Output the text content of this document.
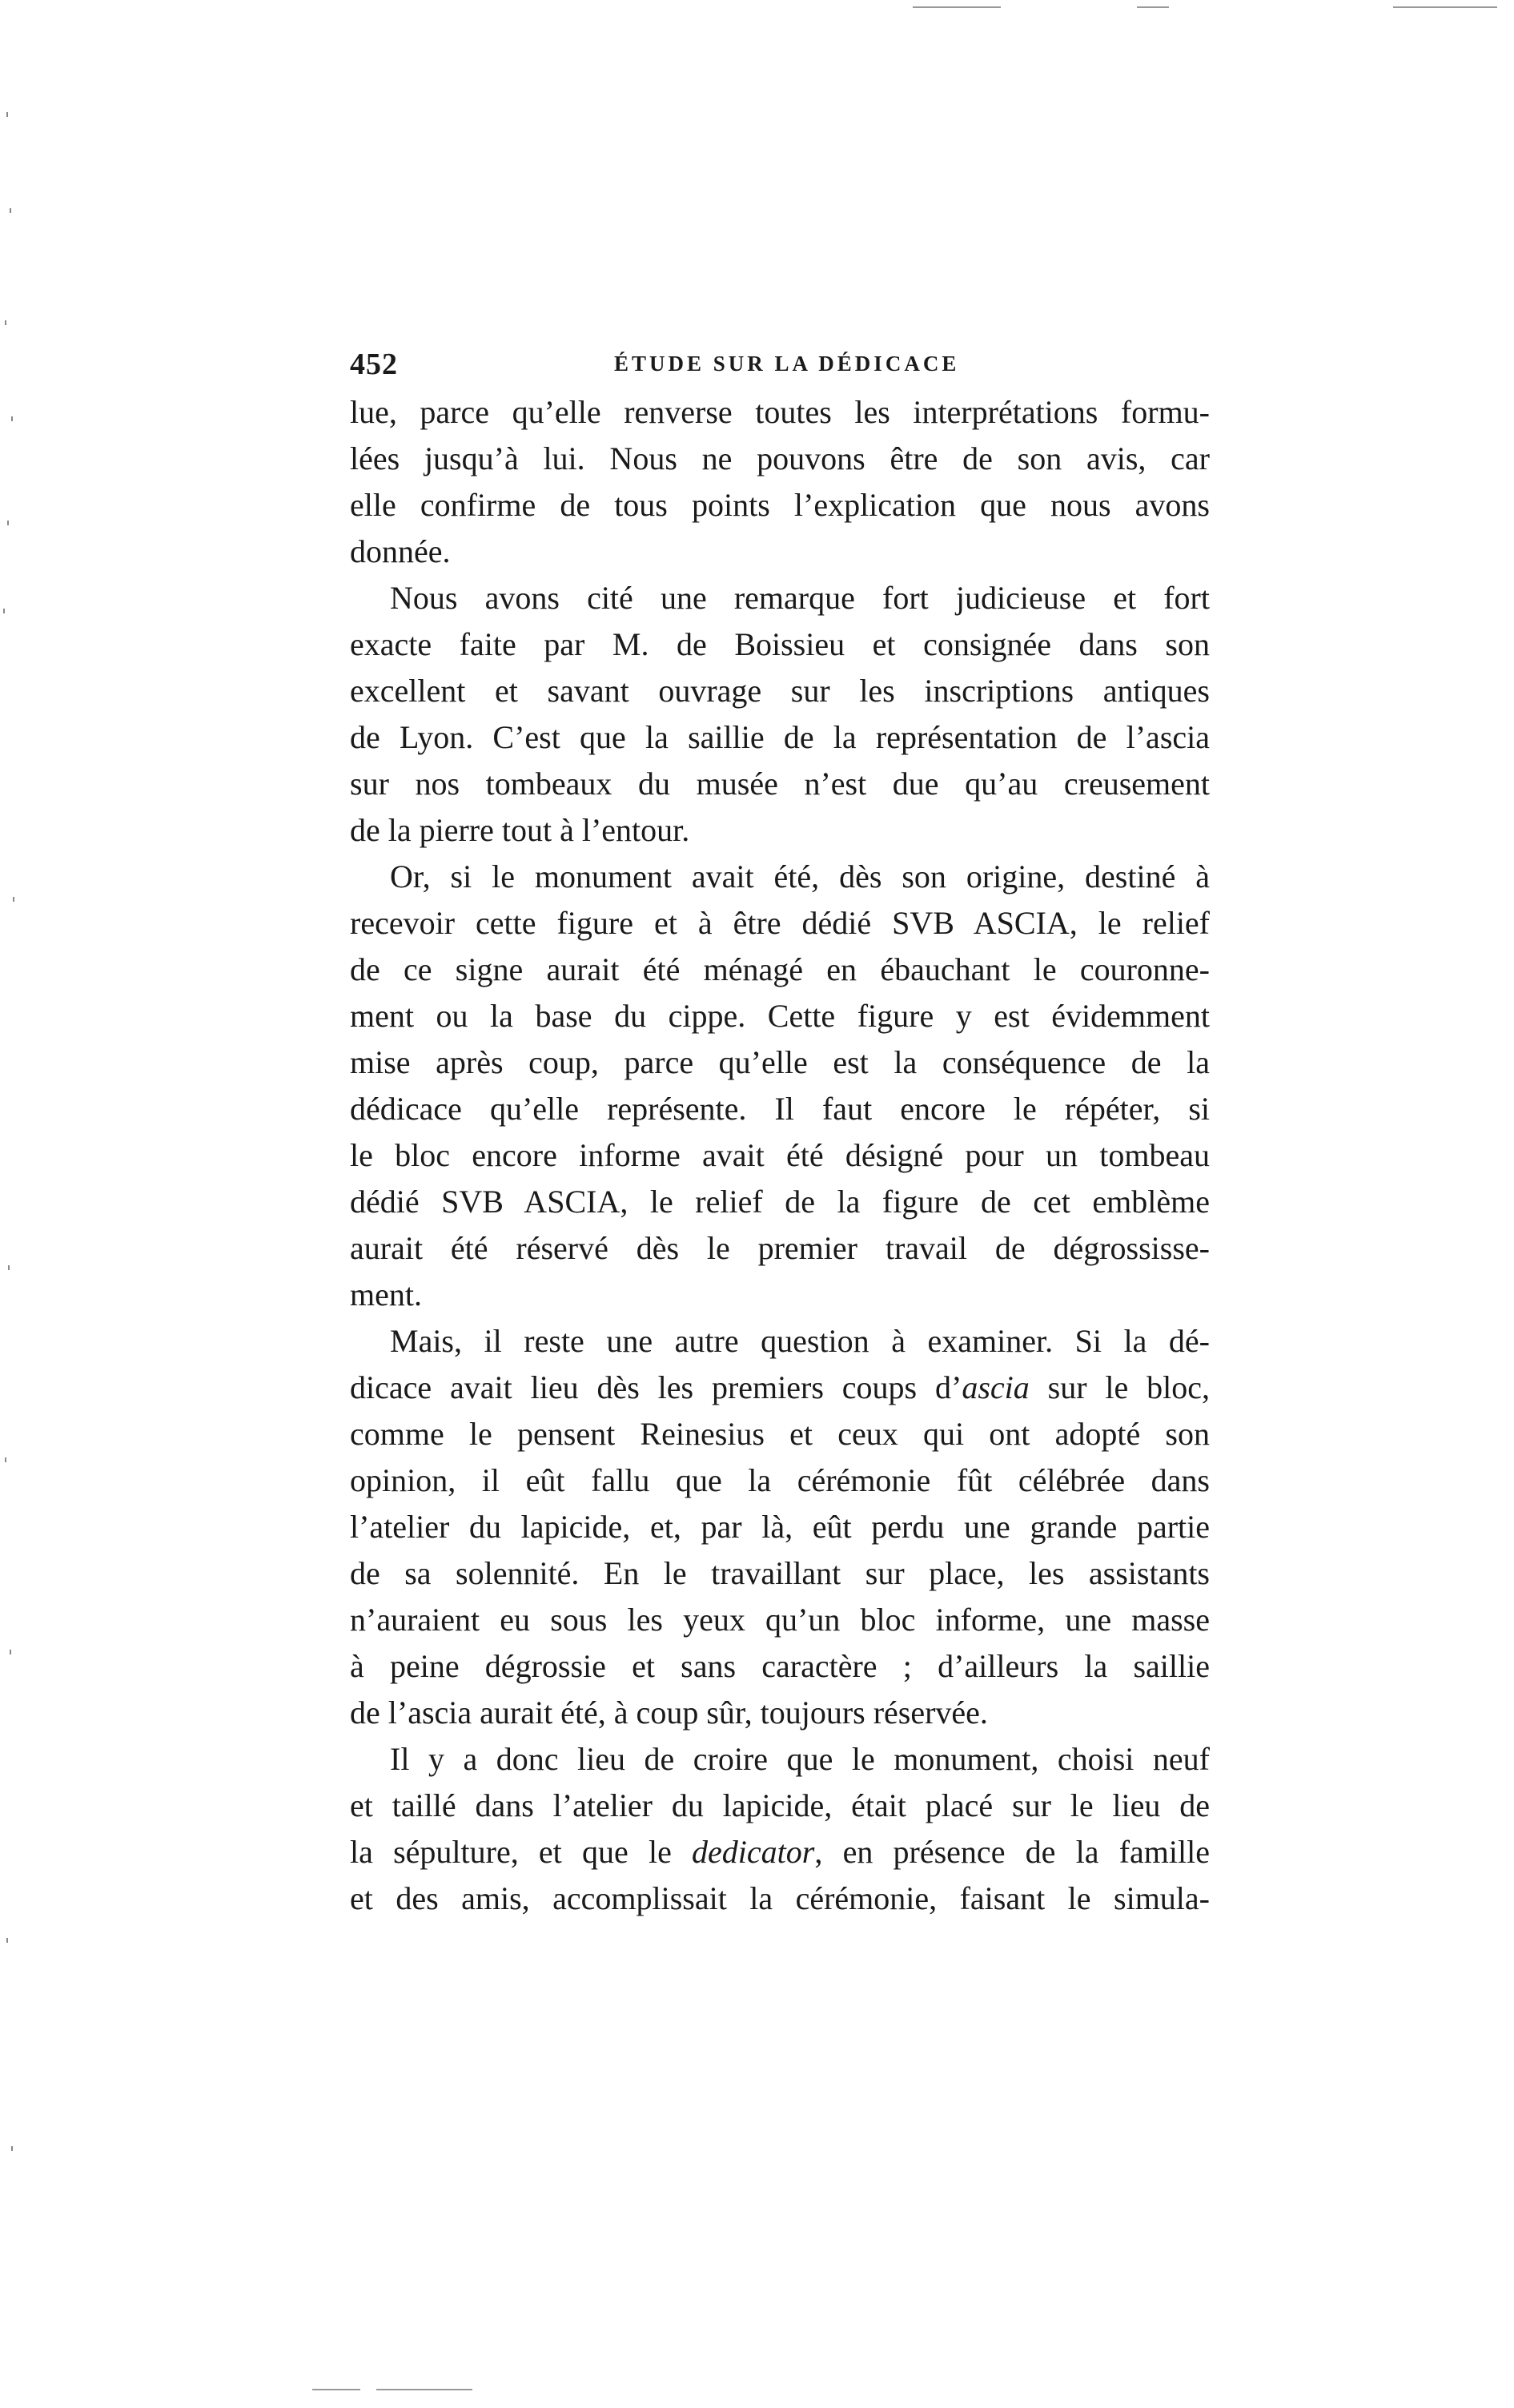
452	ÉTUDE SUR LA DÉDICACE
lue, parce qu’elle renverse toutes les interprétations formu-
lées jusqu’à lui. Nous ne pouvons être de son avis, car
elle confirme de tous points l’explication que nous avons
donnée.
Nous avons cité une remarque fort judicieuse et fort
exacte faite par M. de Boissieu et consignée dans son
excellent et savant ouvrage sur les inscriptions antiques
de Lyon. C’est que la saillie de la représentation de l’ascia
sur nos tombeaux du musée n’est due qu’au creusement
de la pierre tout à l’entour.
Or, si le monument avait été, dès son origine, destiné à
recevoir cette figure et à être dédié SVB ASCIA, le relief
de ce signe aurait été ménagé en ébauchant le couronne-
ment ou la base du cippe. Cette figure y est évidemment
mise après coup, parce qu’elle est la conséquence de la
dédicace qu’elle représente. Il faut encore le répéter, si
le bloc encore informe avait été désigné pour un tombeau
dédié SVB ASCIA, le relief de la figure de cet emblème
aurait été réservé dès le premier travail de dégrossisse-
ment.
Mais, il reste une autre question à examiner. Si la dé-
dicace avait lieu dès les premiers coups d’ascia sur le bloc,
comme le pensent Reinesius et ceux qui ont adopté son
opinion, il eût fallu que la cérémonie fût célébrée dans
l’atelier du lapicide, et, par là, eût perdu une grande partie
de sa solennité. En le travaillant sur place, les assistants
n’auraient eu sous les yeux qu’un bloc informe, une masse
à peine dégrossie et sans caractère ; d’ailleurs la saillie
de l’ascia aurait été, à coup sûr, toujours réservée.
Il y a donc lieu de croire que le monument, choisi neuf
et taillé dans l’atelier du lapicide, était placé sur le lieu de
la sépulture, et que le dedicator, en présence de la famille
et des amis, accomplissait la cérémonie, faisant le simula-
